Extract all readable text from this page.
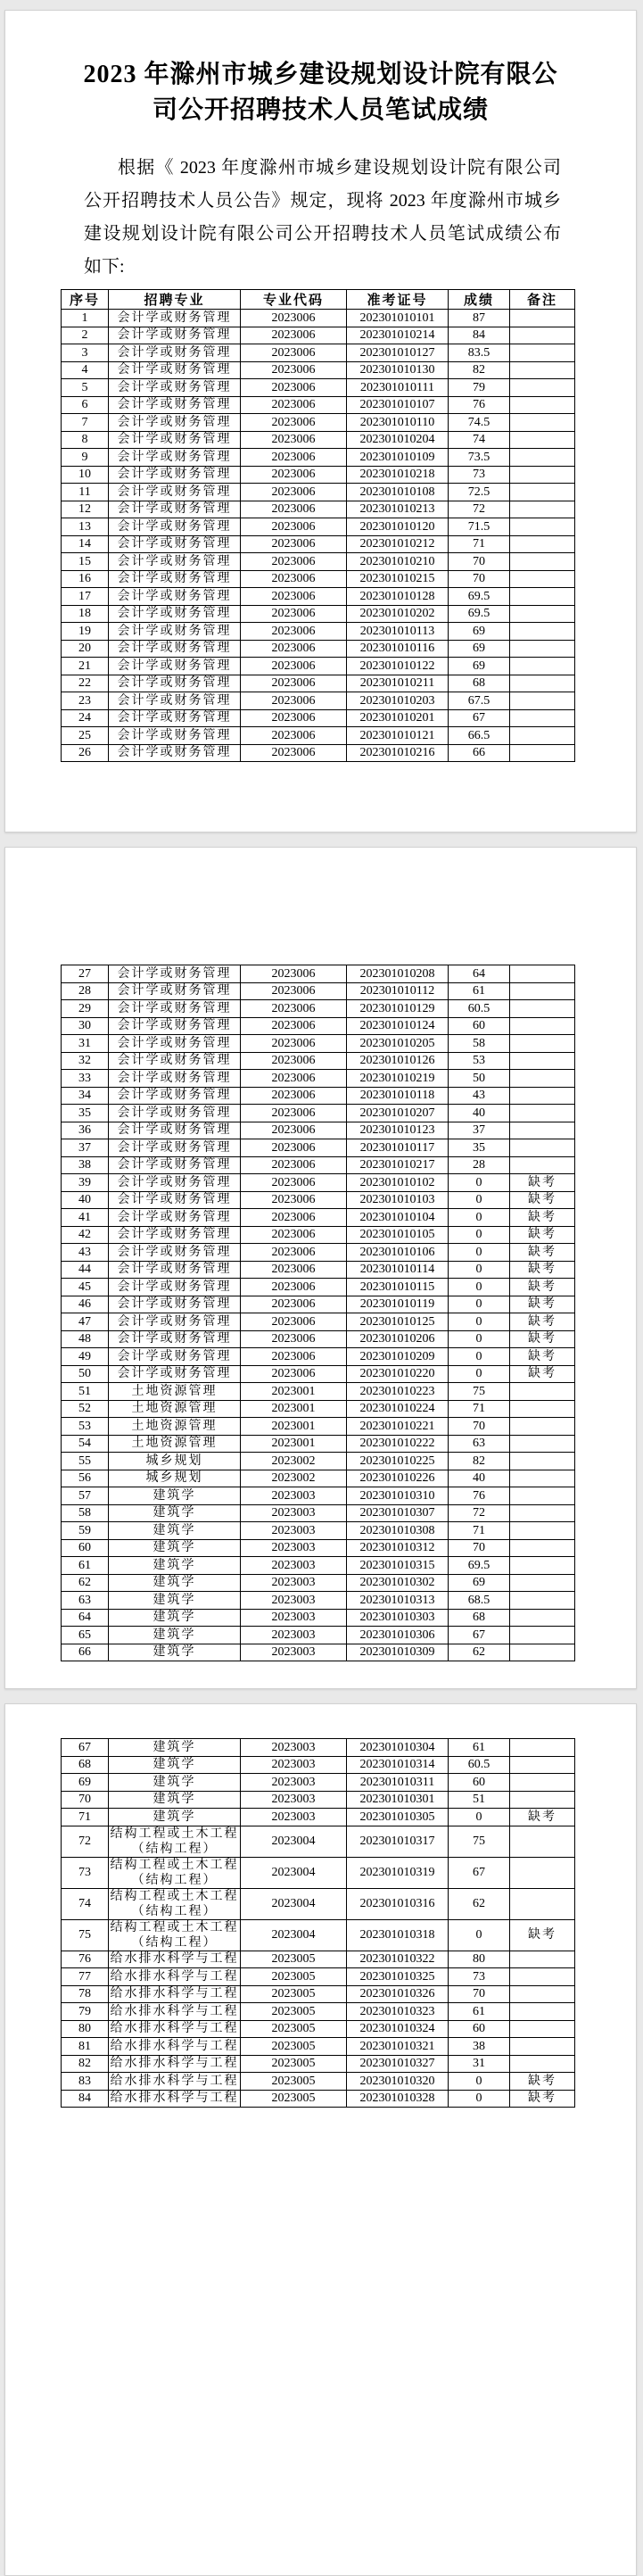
2023 年滁州市城乡建设规划设计院有限公
司公开招聘技术人员笔试成绩
根据《 2023 年度滁州市城乡建设规划设计院有限公司
公开招聘技术人员公告》规定，现将 2023 年度滁州市城乡
建设规划设计院有限公司公开招聘技术人员笔试成绩公布
如下:
序号	招聘专业	专业代码	准考证号	成绩	备注
1	会计学或财务管理	2023006	202301010101	87	
2	会计学或财务管理	2023006	202301010214	84	
3	会计学或财务管理	2023006	202301010127	83.5	
4	会计学或财务管理	2023006	202301010130	82	
5	会计学或财务管理	2023006	202301010111	79	
6	会计学或财务管理	2023006	202301010107	76	
7	会计学或财务管理	2023006	202301010110	74.5	
8	会计学或财务管理	2023006	202301010204	74	
9	会计学或财务管理	2023006	202301010109	73.5	
10	会计学或财务管理	2023006	202301010218	73	
11	会计学或财务管理	2023006	202301010108	72.5	
12	会计学或财务管理	2023006	202301010213	72	
13	会计学或财务管理	2023006	202301010120	71.5	
14	会计学或财务管理	2023006	202301010212	71	
15	会计学或财务管理	2023006	202301010210	70	
16	会计学或财务管理	2023006	202301010215	70	
17	会计学或财务管理	2023006	202301010128	69.5	
18	会计学或财务管理	2023006	202301010202	69.5	
19	会计学或财务管理	2023006	202301010113	69	
20	会计学或财务管理	2023006	202301010116	69	
21	会计学或财务管理	2023006	202301010122	69	
22	会计学或财务管理	2023006	202301010211	68	
23	会计学或财务管理	2023006	202301010203	67.5	
24	会计学或财务管理	2023006	202301010201	67	
25	会计学或财务管理	2023006	202301010121	66.5	
26	会计学或财务管理	2023006	202301010216	66	
27	会计学或财务管理	2023006	202301010208	64	
28	会计学或财务管理	2023006	202301010112	61	
29	会计学或财务管理	2023006	202301010129	60.5	
30	会计学或财务管理	2023006	202301010124	60	
31	会计学或财务管理	2023006	202301010205	58	
32	会计学或财务管理	2023006	202301010126	53	
33	会计学或财务管理	2023006	202301010219	50	
34	会计学或财务管理	2023006	202301010118	43	
35	会计学或财务管理	2023006	202301010207	40	
36	会计学或财务管理	2023006	202301010123	37	
37	会计学或财务管理	2023006	202301010117	35	
38	会计学或财务管理	2023006	202301010217	28	
39	会计学或财务管理	2023006	202301010102	0	缺考
40	会计学或财务管理	2023006	202301010103	0	缺考
41	会计学或财务管理	2023006	202301010104	0	缺考
42	会计学或财务管理	2023006	202301010105	0	缺考
43	会计学或财务管理	2023006	202301010106	0	缺考
44	会计学或财务管理	2023006	202301010114	0	缺考
45	会计学或财务管理	2023006	202301010115	0	缺考
46	会计学或财务管理	2023006	202301010119	0	缺考
47	会计学或财务管理	2023006	202301010125	0	缺考
48	会计学或财务管理	2023006	202301010206	0	缺考
49	会计学或财务管理	2023006	202301010209	0	缺考
50	会计学或财务管理	2023006	202301010220	0	缺考
51	土地资源管理	2023001	202301010223	75	
52	土地资源管理	2023001	202301010224	71	
53	土地资源管理	2023001	202301010221	70	
54	土地资源管理	2023001	202301010222	63	
55	城乡规划	2023002	202301010225	82	
56	城乡规划	2023002	202301010226	40	
57	建筑学	2023003	202301010310	76	
58	建筑学	2023003	202301010307	72	
59	建筑学	2023003	202301010308	71	
60	建筑学	2023003	202301010312	70	
61	建筑学	2023003	202301010315	69.5	
62	建筑学	2023003	202301010302	69	
63	建筑学	2023003	202301010313	68.5	
64	建筑学	2023003	202301010303	68	
65	建筑学	2023003	202301010306	67	
66	建筑学	2023003	202301010309	62	
67	建筑学	2023003	202301010304	61	
68	建筑学	2023003	202301010314	60.5	
69	建筑学	2023003	202301010311	60	
70	建筑学	2023003	202301010301	51	
71	建筑学	2023003	202301010305	0	缺考
72	结构工程或土木工程（结构工程）	2023004	202301010317	75	
73	结构工程或土木工程（结构工程）	2023004	202301010319	67	
74	结构工程或土木工程（结构工程）	2023004	202301010316	62	
75	结构工程或土木工程（结构工程）	2023004	202301010318	0	缺考
76	给水排水科学与工程	2023005	202301010322	80	
77	给水排水科学与工程	2023005	202301010325	73	
78	给水排水科学与工程	2023005	202301010326	70	
79	给水排水科学与工程	2023005	202301010323	61	
80	给水排水科学与工程	2023005	202301010324	60	
81	给水排水科学与工程	2023005	202301010321	38	
82	给水排水科学与工程	2023005	202301010327	31	
83	给水排水科学与工程	2023005	202301010320	0	缺考
84	给水排水科学与工程	2023005	202301010328	0	缺考
